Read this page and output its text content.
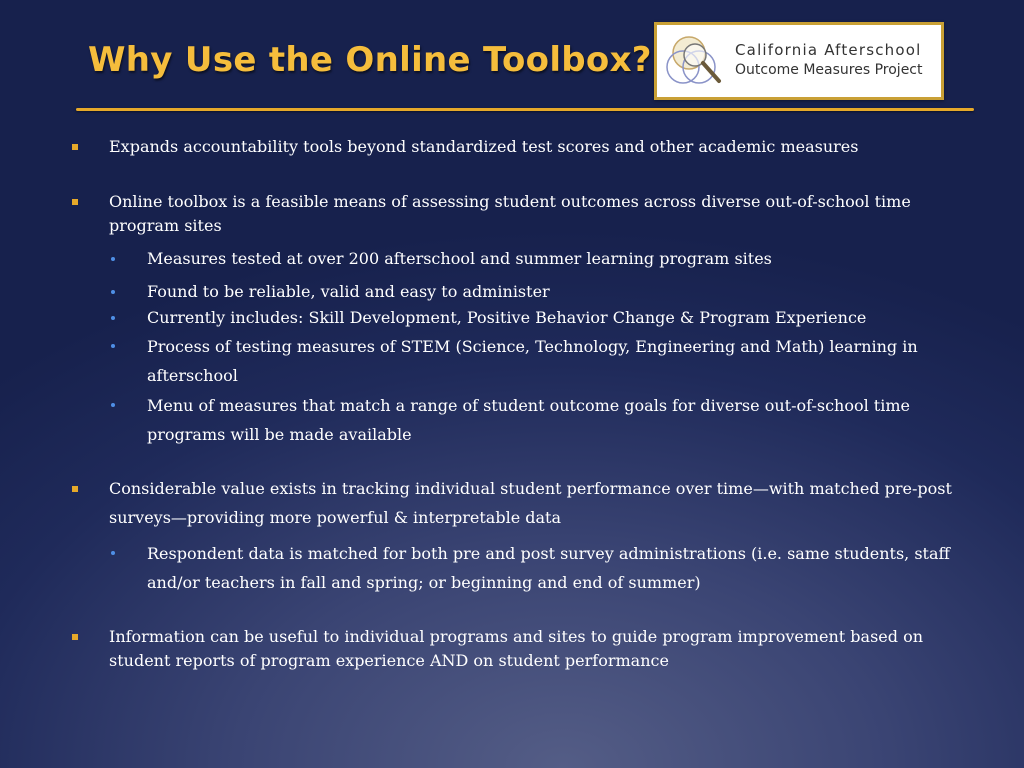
Why Use the Online Toolbox?	California Afterschool
Outcome Measures Project
Expands accountability tools beyond standardized test scores and other academic measures
Online toolbox is a feasible means of assessing student outcomes across diverse out-of-school time program sites
Measures tested at over 200 afterschool and summer learning program sites
Found to be reliable, valid and easy to administer
Currently includes: Skill Development, Positive Behavior Change & Program Experience
Process of testing measures of STEM (Science, Technology, Engineering and Math) learning in afterschool
Menu of measures that match a range of student outcome goals for diverse out-of-school time programs will be made available
Considerable value exists in tracking individual student performance over time—with matched pre-post surveys—providing more powerful & interpretable data
Respondent data is matched for both pre and post survey administrations (i.e. same students, staff and/or teachers in fall and spring; or beginning and end of summer)
Information can be useful to individual programs and sites to guide program improvement based on student reports of program experience AND on student performance
